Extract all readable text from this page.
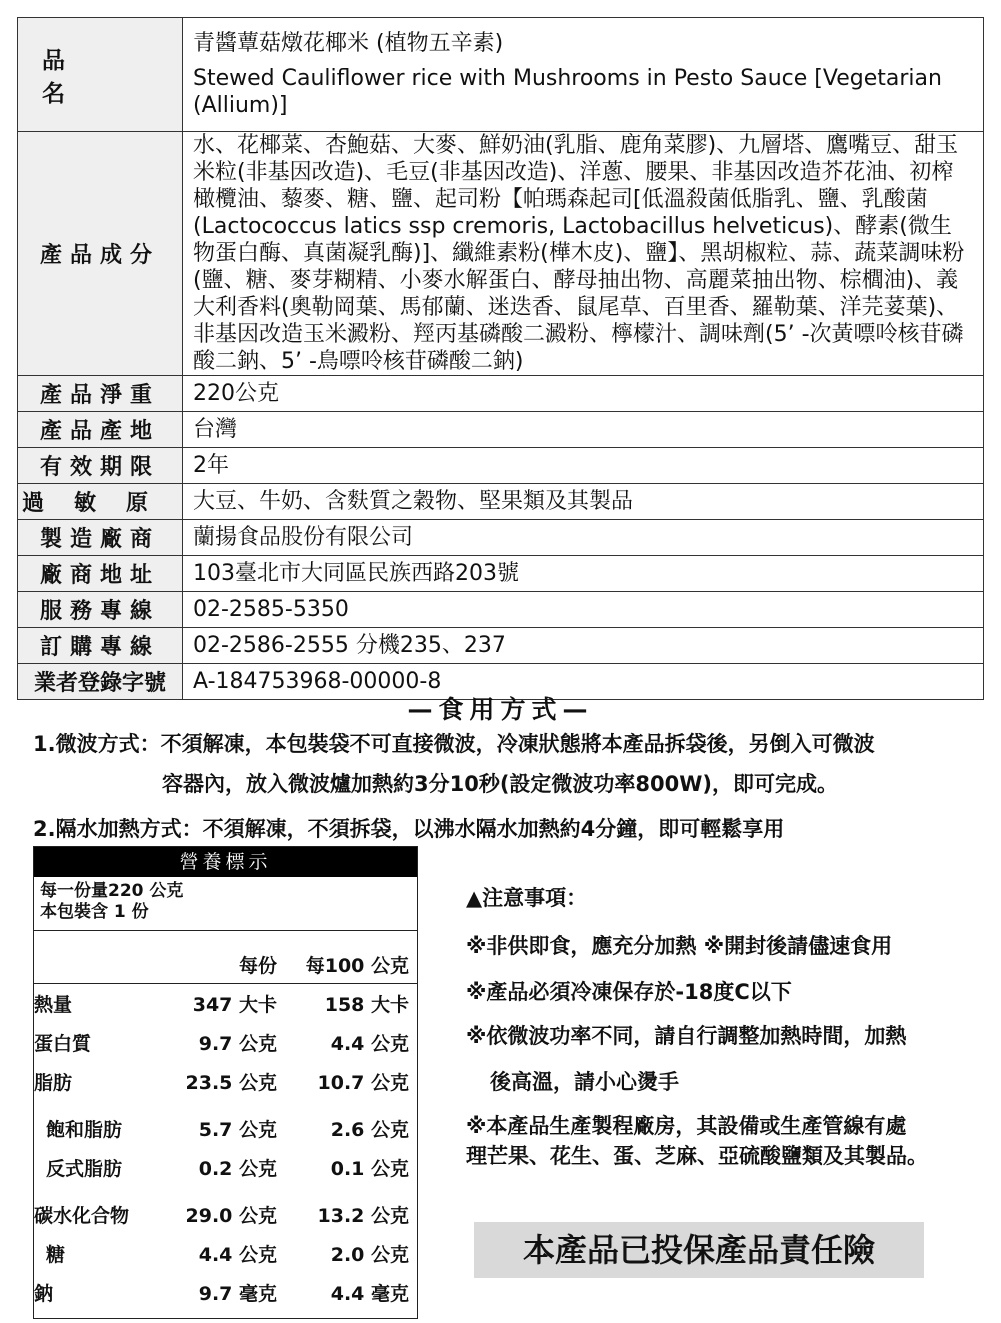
品名	青醬蕈菇燉花椰米 (植物五辛素)
Stewed Cauliflower rice with Mushrooms in Pesto Sauce [Vegetarian (Allium)]

產品成分	水、花椰菜、杏鮑菇、大麥、鮮奶油(乳脂、鹿角菜膠)、九層塔、鷹嘴豆、甜玉米粒(非基因改造)、毛豆(非基因改造)、洋蔥、腰果、非基因改造芥花油、初榨橄欖油、藜麥、糖、鹽、起司粉【帕瑪森起司[低溫殺菌低脂乳、鹽、乳酸菌(Lactococcus latics ssp cremoris, Lactobacillus helveticus)、酵素(微生物蛋白酶、真菌凝乳酶)]、纖維素粉(樺木皮)、鹽】、黑胡椒粒、蒜、蔬菜調味粉(鹽、糖、麥芽糊精、小麥水解蛋白、酵母抽出物、高麗菜抽出物、棕櫚油)、義大利香料(奧勒岡葉、馬郁蘭、迷迭香、鼠尾草、百里香、羅勒葉、洋芫荽葉)、非基因改造玉米澱粉、羥丙基磷酸二澱粉、檸檬汁、調味劑(5’ -次黃嘌呤核苷磷酸二鈉、5’ -鳥嘌呤核苷磷酸二鈉)

產品淨重	220公克

產品產地	台灣

有效期限	2年

過敏原	大豆、牛奶、含麩質之穀物、堅果類及其製品

製造廠商	蘭揚食品股份有限公司

廠商地址	103臺北市大同區民族西路203號

服務專線	02-2585-5350

訂購專線	02-2586-2555 分機235、237

業者登錄字號	A-184753968-00000-8
—食用方式—
1.微波方式：不須解凍，本包裝袋不可直接微波，冷凍狀態將本產品拆袋後，另倒入可微波
容器內，放入微波爐加熱約3分10秒(設定微波功率800W)，即可完成。
2.隔水加熱方式：不須解凍，不須拆袋，以沸水隔水加熱約4分鐘，即可輕鬆享用
營養標示
每一份量220 公克
本包裝含 1 份
每份 每100 公克
熱量	347 大卡	158 大卡
蛋白質	9.7 公克	4.4 公克
脂肪	23.5 公克 10.7 公克
飽和脂肪	5.7 公克	2.6 公克
反式脂肪	0.2 公克	0.1 公克
碳水化合物	29.0 公克 13.2 公克
糖	4.4 公克	2.0 公克
鈉	9.7 毫克	4.4 毫克
▲注意事項：
※非供即食，應充分加熱 ※開封後請儘速食用
※產品必須冷凍保存於-18度C以下
※依微波功率不同，請自行調整加熱時間，加熱
後高溫，請小心燙手
※本產品生產製程廠房，其設備或生產管線有處
理芒果、花生、蛋、芝麻、亞硫酸鹽類及其製品。
本產品已投保產品責任險
